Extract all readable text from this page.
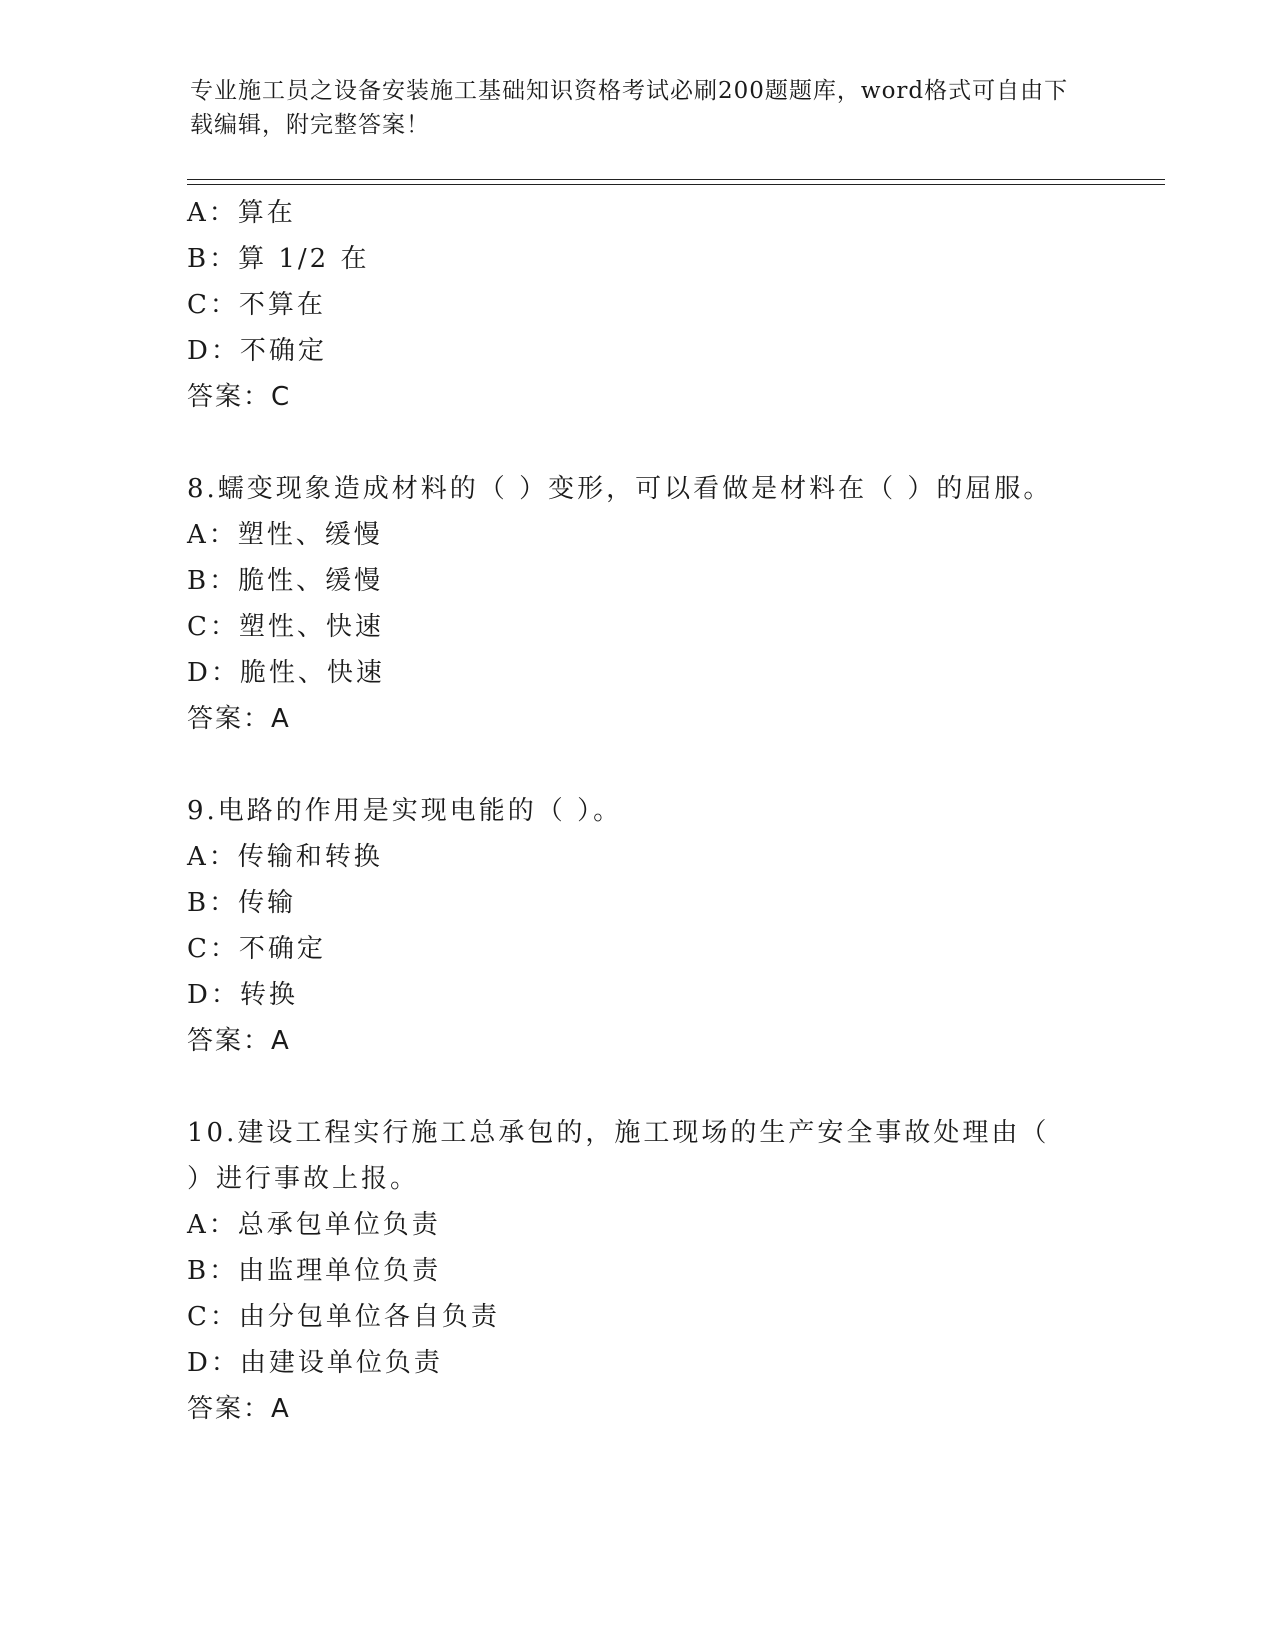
专业施工员之设备安装施工基础知识资格考试必刷200题题库，word格式可自由下载编辑，附完整答案！
A：算在
B：算 1/2 在
C：不算在
D：不确定
答案：C
8.蠕变现象造成材料的（ ）变形，可以看做是材料在（ ）的屈服。
A：塑性、缓慢
B：脆性、缓慢
C：塑性、快速
D：脆性、快速
答案：A
9.电路的作用是实现电能的（ ）。
A：传输和转换
B：传输
C：不确定
D：转换
答案：A
10.建设工程实行施工总承包的，施工现场的生产安全事故处理由（ ）进行事故上报。
A：总承包单位负责
B：由监理单位负责
C：由分包单位各自负责
D：由建设单位负责
答案：A
